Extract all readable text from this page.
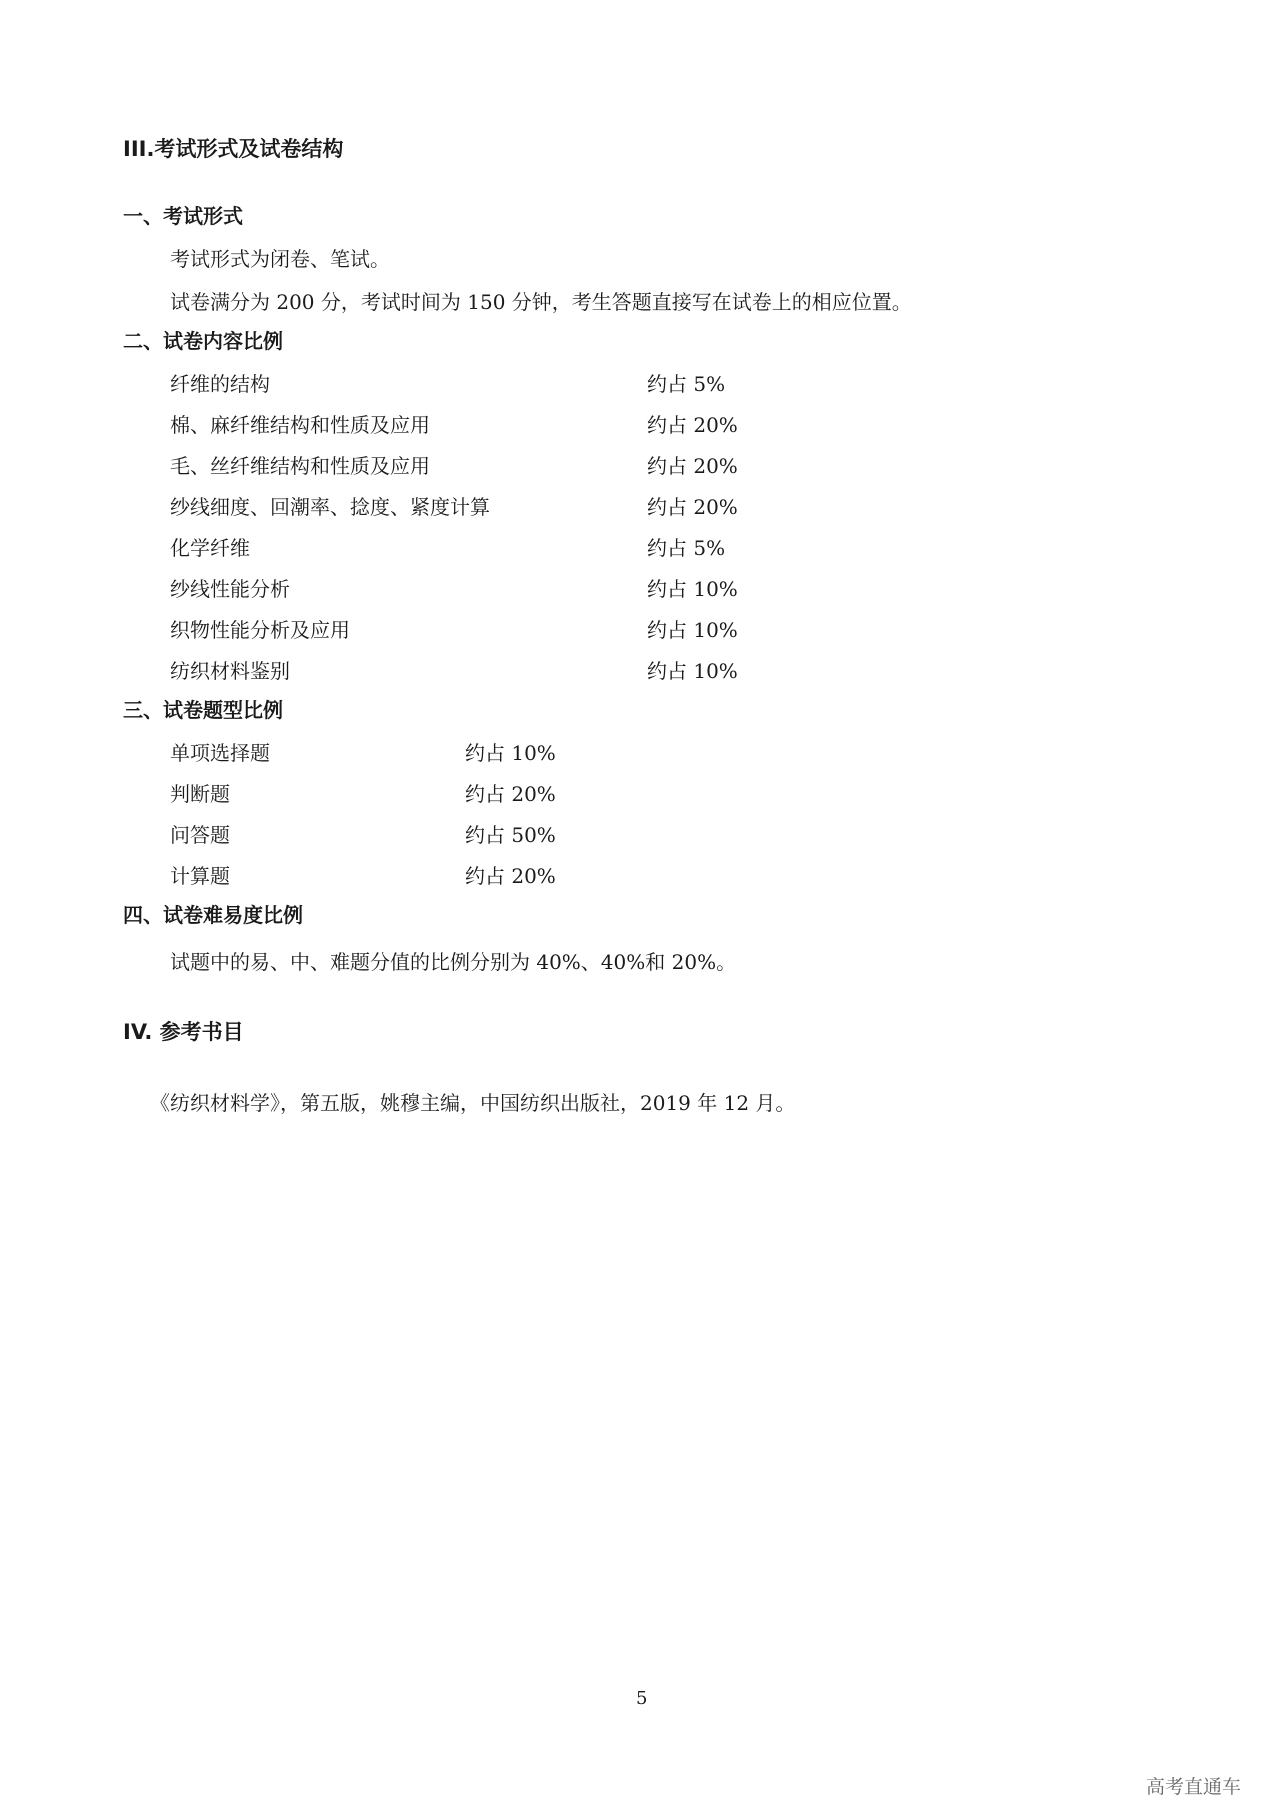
III.考试形式及试卷结构
一、考试形式
考试形式为闭卷、笔试。
试卷满分为 200 分，考试时间为 150 分钟，考生答题直接写在试卷上的相应位置。
二、试卷内容比例
纤维的结构	约占 5%
棉、麻纤维结构和性质及应用	约占 20%
毛、丝纤维结构和性质及应用	约占 20%
纱线细度、回潮率、捻度、紧度计算	约占 20%
化学纤维	约占 5%
纱线性能分析	约占 10%
织物性能分析及应用	约占 10%
纺织材料鉴别	约占 10%
三、试卷题型比例
单项选择题	约占 10%
判断题	约占 20%
问答题	约占 50%
计算题	约占 20%
四、试卷难易度比例
试题中的易、中、难题分值的比例分别为 40%、40%和 20%。
IV. 参考书目
《纺织材料学》，第五版，姚穆主编，中国纺织出版社，2019 年 12 月。
5
高考直通车
